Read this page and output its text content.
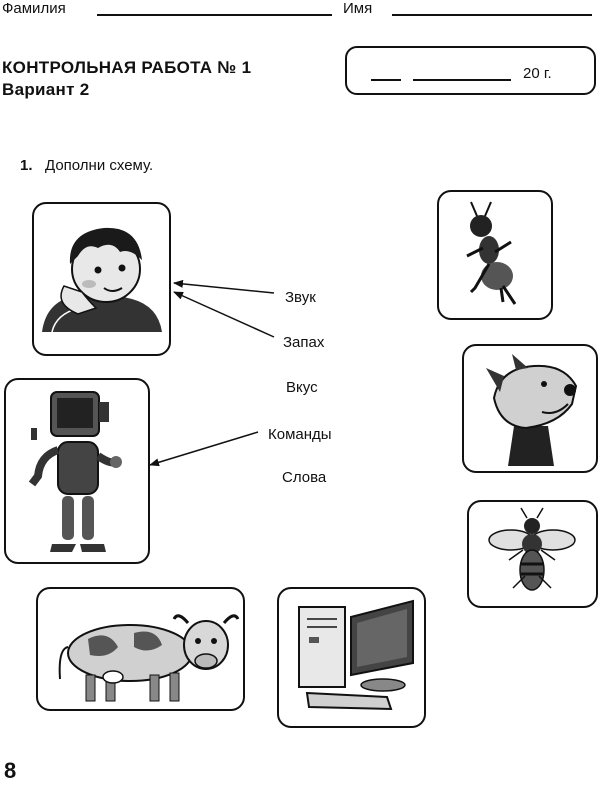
Фамилия	Имя
КОНТРОЛЬНАЯ РАБОТА № 1
Вариант 2
20 г.
1. Дополни схему.
Звук
Запах
Вкус
Команды
Слова
8
